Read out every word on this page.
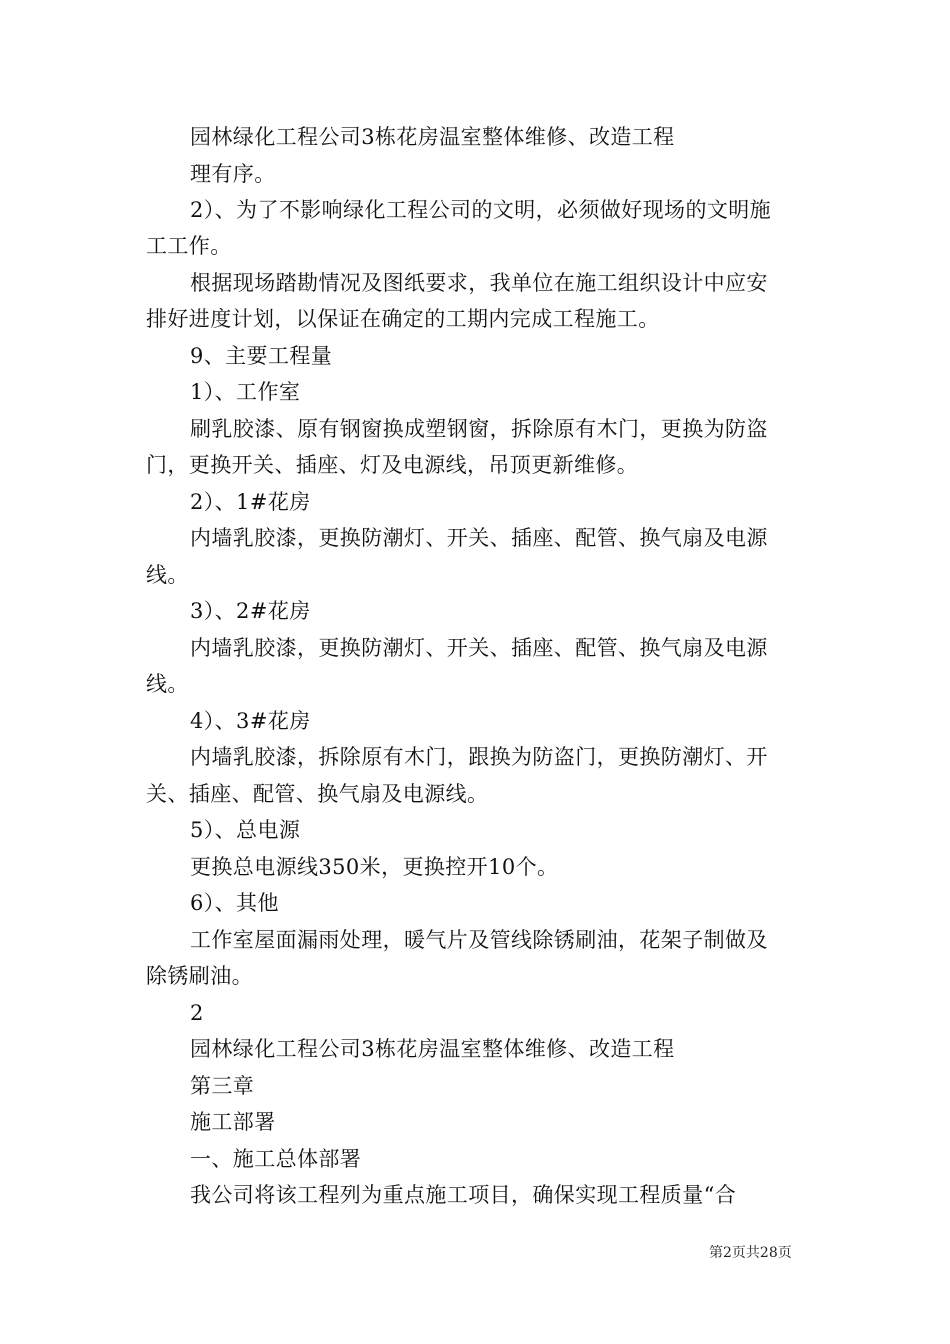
园林绿化工程公司3栋花房温室整体维修、改造工程
理有序。
2）、为了不影响绿化工程公司的文明，必须做好现场的文明施
工工作。
根据现场踏勘情况及图纸要求，我单位在施工组织设计中应安
排好进度计划，以保证在确定的工期内完成工程施工。
9、主要工程量
1）、工作室
刷乳胶漆、原有钢窗换成塑钢窗，拆除原有木门，更换为防盗
门，更换开关、插座、灯及电源线，吊顶更新维修。
2）、1#花房
内墙乳胶漆，更换防潮灯、开关、插座、配管、换气扇及电源
线。
3）、2#花房
内墙乳胶漆，更换防潮灯、开关、插座、配管、换气扇及电源
线。
4）、3#花房
内墙乳胶漆，拆除原有木门，跟换为防盗门，更换防潮灯、开
关、插座、配管、换气扇及电源线。
5）、总电源
更换总电源线350米，更换控开10个。
6）、其他
工作室屋面漏雨处理，暖气片及管线除锈刷油，花架子制做及
除锈刷油。
2
园林绿化工程公司3栋花房温室整体维修、改造工程
第三章
施工部署
一、施工总体部署
我公司将该工程列为重点施工项目，确保实现工程质量“合
第2页共28页
